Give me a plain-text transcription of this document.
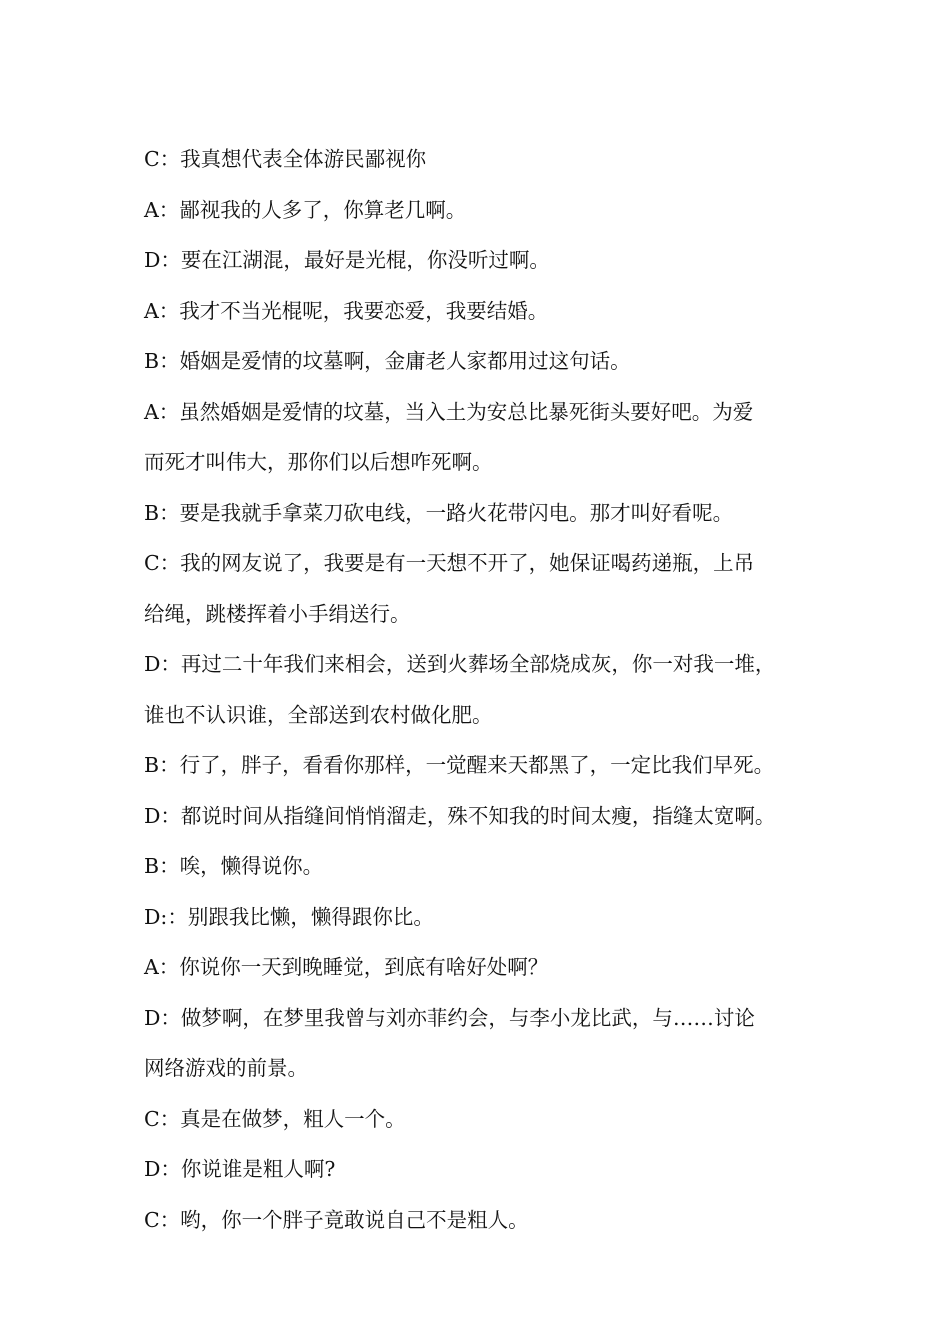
C：我真想代表全体游民鄙视你

A：鄙视我的人多了，你算老几啊。

D：要在江湖混，最好是光棍，你没听过啊。

A：我才不当光棍呢，我要恋爱，我要结婚。

B：婚姻是爱情的坟墓啊，金庸老人家都用过这句话。

A：虽然婚姻是爱情的坟墓，当入土为安总比暴死街头要好吧。为爱

而死才叫伟大，那你们以后想咋死啊。

B：要是我就手拿菜刀砍电线，一路火花带闪电。那才叫好看呢。

C：我的网友说了，我要是有一天想不开了，她保证喝药递瓶，上吊

给绳，跳楼挥着小手绢送行。

D：再过二十年我们来相会，送到火葬场全部烧成灰，你一对我一堆，

谁也不认识谁，全部送到农村做化肥。

B：行了，胖子，看看你那样，一觉醒来天都黑了，一定比我们早死。

D：都说时间从指缝间悄悄溜走，殊不知我的时间太瘦，指缝太宽啊。

B：唉，懒得说你。

D:：别跟我比懒，懒得跟你比。

A：你说你一天到晚睡觉，到底有啥好处啊？

D：做梦啊，在梦里我曾与刘亦菲约会，与李小龙比武，与……讨论

网络游戏的前景。

C：真是在做梦，粗人一个。

D：你说谁是粗人啊?

C：哟，你一个胖子竟敢说自己不是粗人。
